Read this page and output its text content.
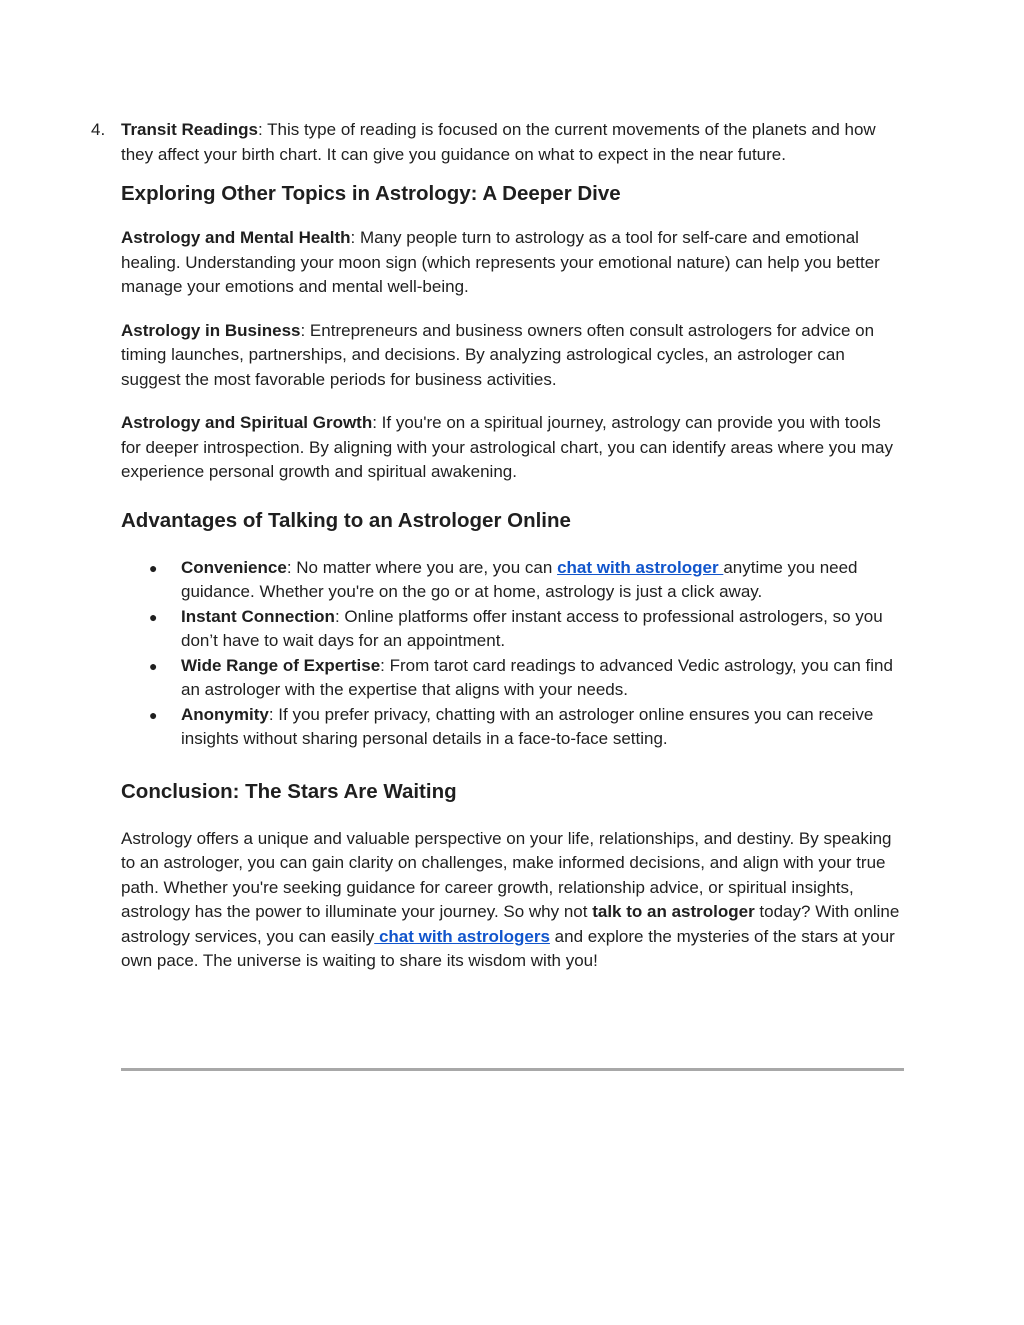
4. Transit Readings: This type of reading is focused on the current movements of the planets and how they affect your birth chart. It can give you guidance on what to expect in the near future.
Exploring Other Topics in Astrology: A Deeper Dive

Astrology and Mental Health: Many people turn to astrology as a tool for self-care and emotional healing. Understanding your moon sign (which represents your emotional nature) can help you better manage your emotions and mental well-being.

Astrology in Business: Entrepreneurs and business owners often consult astrologers for advice on timing launches, partnerships, and decisions. By analyzing astrological cycles, an astrologer can suggest the most favorable periods for business activities.

Astrology and Spiritual Growth: If you're on a spiritual journey, astrology can provide you with tools for deeper introspection. By aligning with your astrological chart, you can identify areas where you may experience personal growth and spiritual awakening.

Advantages of Talking to an Astrologer Online
● Convenience: No matter where you are, you can chat with astrologer anytime you need guidance. Whether you're on the go or at home, astrology is just a click away.
● Instant Connection: Online platforms offer instant access to professional astrologers, so you don’t have to wait days for an appointment.
● Wide Range of Expertise: From tarot card readings to advanced Vedic astrology, you can find an astrologer with the expertise that aligns with your needs.
● Anonymity: If you prefer privacy, chatting with an astrologer online ensures you can receive insights without sharing personal details in a face-to-face setting.
Conclusion: The Stars Are Waiting

Astrology offers a unique and valuable perspective on your life, relationships, and destiny. By speaking to an astrologer, you can gain clarity on challenges, make informed decisions, and align with your true path. Whether you're seeking guidance for career growth, relationship advice, or spiritual insights, astrology has the power to illuminate your journey. So why not talk to an astrologer today? With online astrology services, you can easily chat with astrologers and explore the mysteries of the stars at your own pace. The universe is waiting to share its wisdom with you!
